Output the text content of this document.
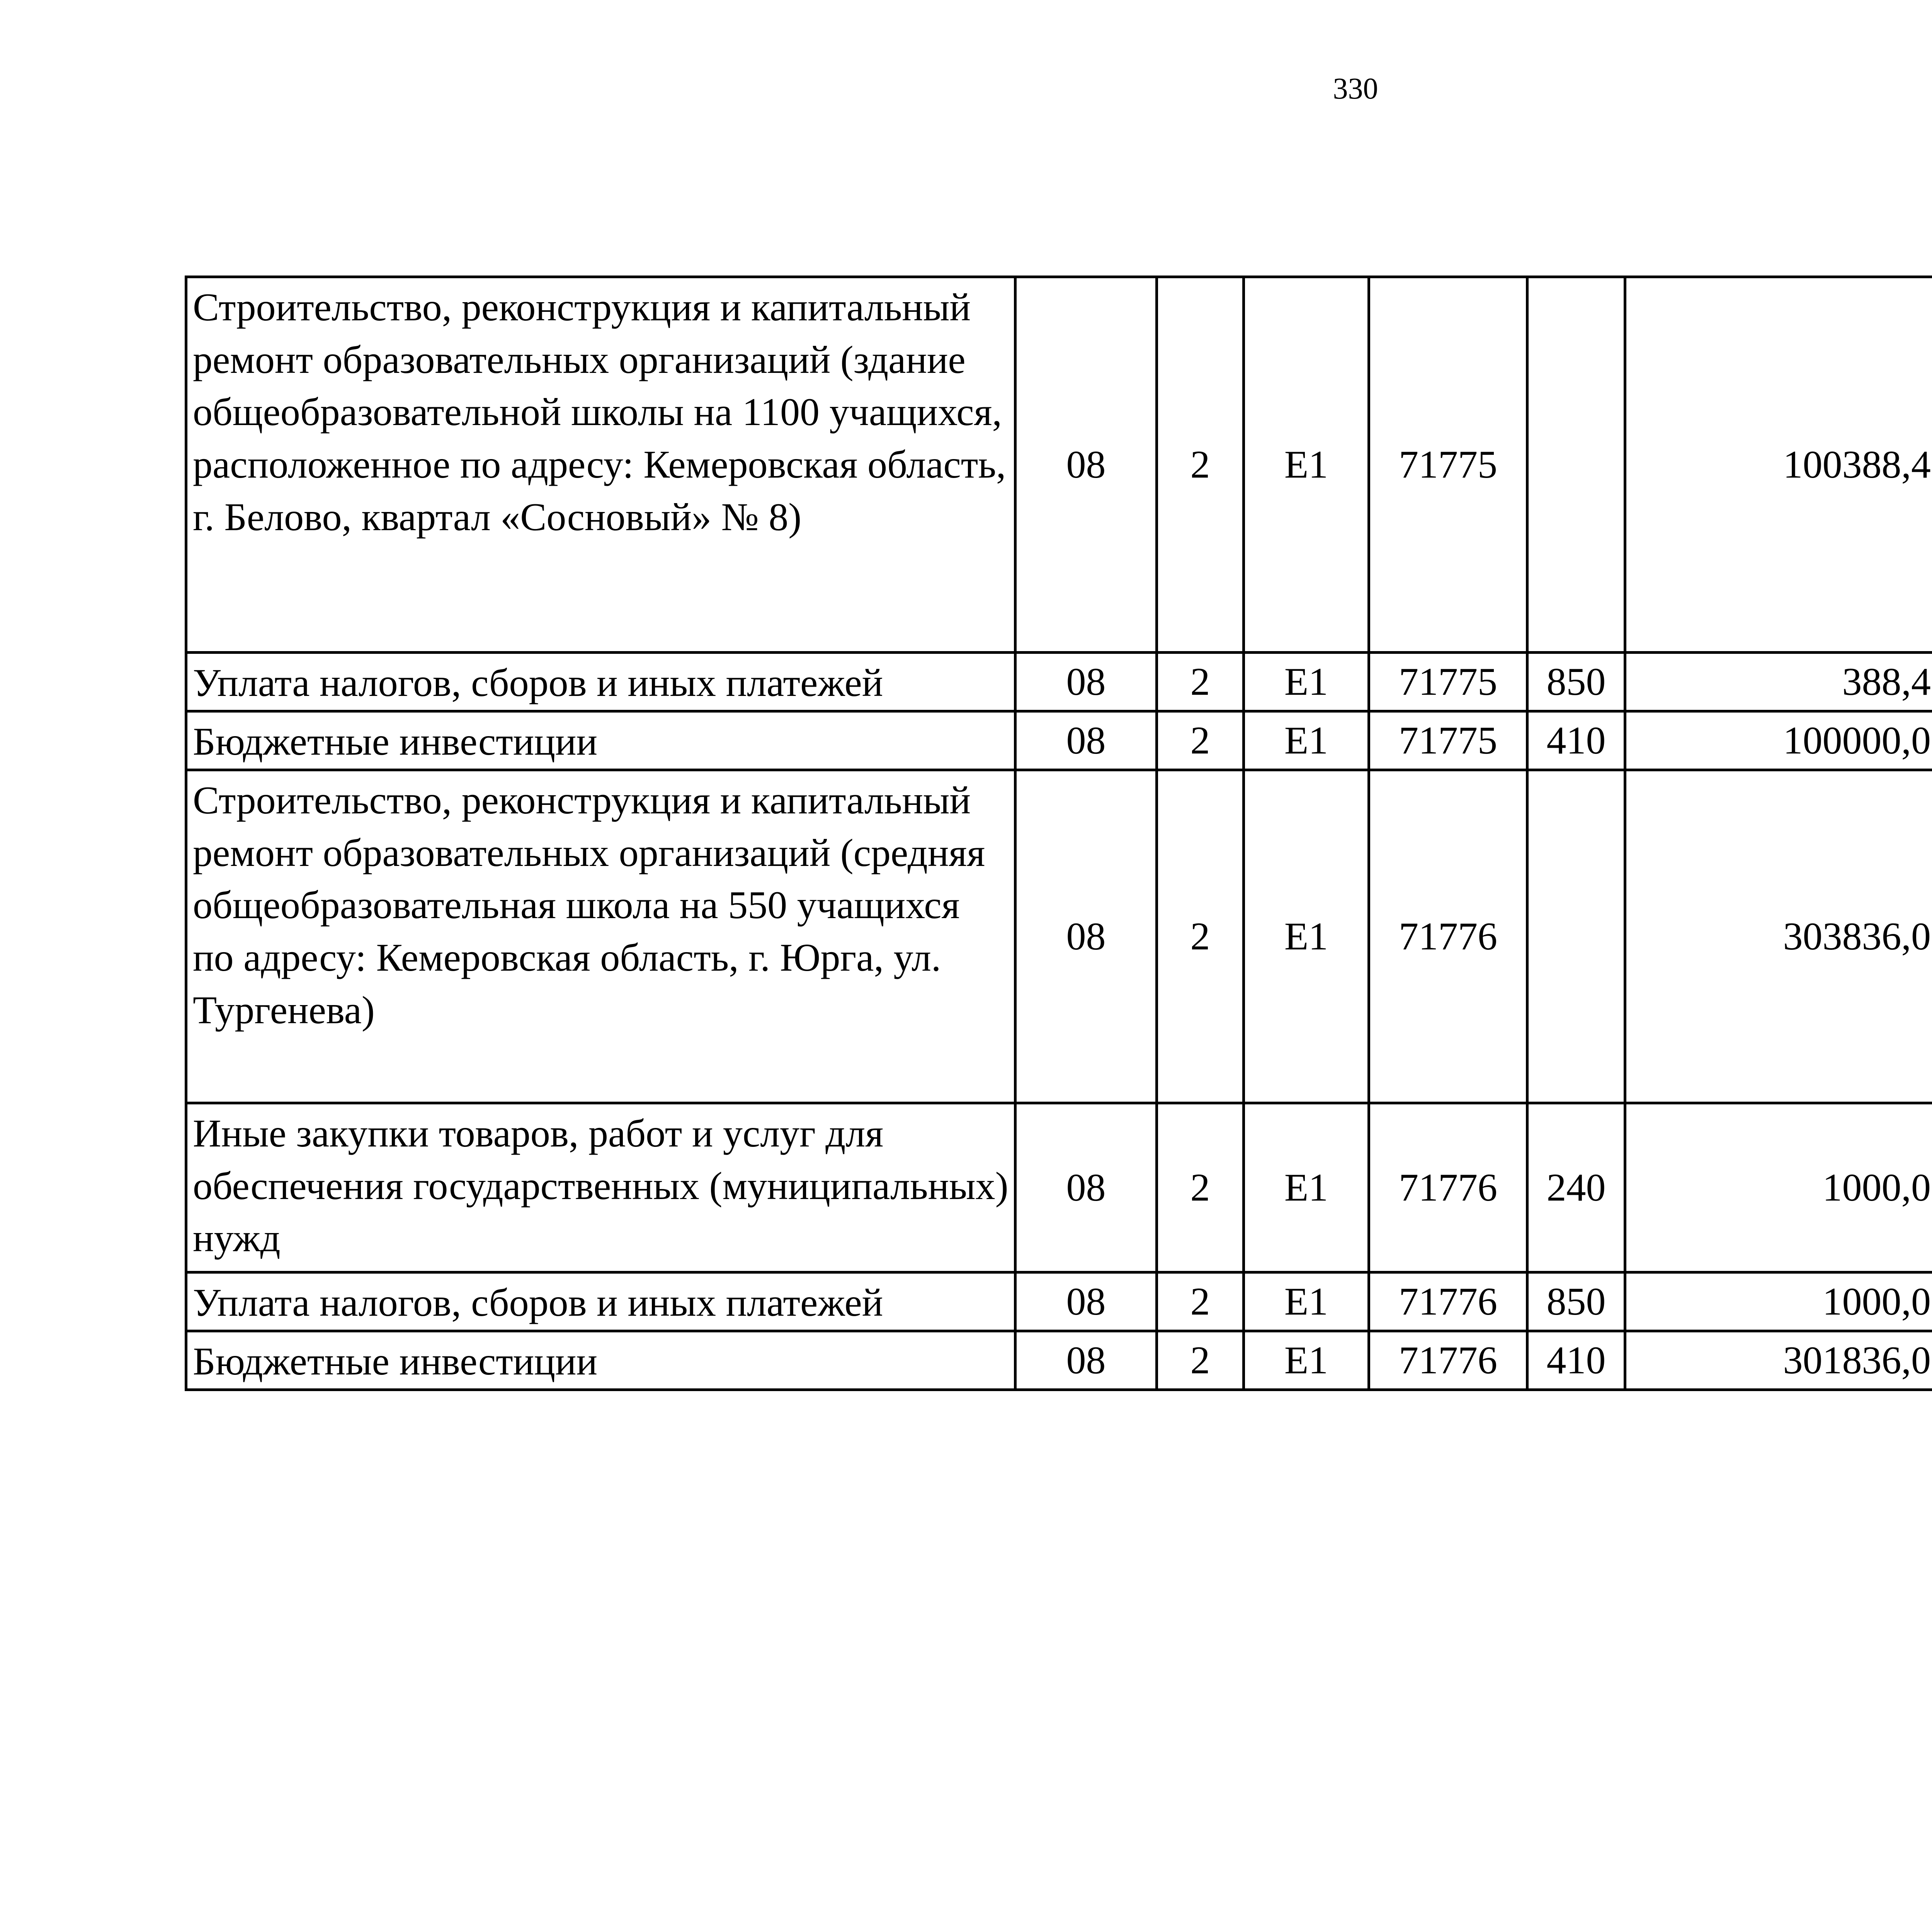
330
Строительство, реконструкция и капитальный ремонт образовательных организаций (здание общеобразовательной школы на 1100 учащихся, расположенное по адресу: Кемеровская область, г. Белово, квартал «Сосновый» № 8)	08	2	Е1	71775		100388,4		
Уплата налогов, сборов и иных платежей	08	2	Е1	71775	850	388,4		
Бюджетные инвестиции	08	2	Е1	71775	410	100000,0		
Строительство, реконструкция и капитальный ремонт образовательных организаций (средняя общеобразовательная школа на 550 учащихся по адресу: Кемеровская область, г. Юрга, ул. Тургенева)	08	2	Е1	71776		303836,0		
Иные закупки товаров, работ и услуг для обеспечения государственных (муниципальных) нужд	08	2	Е1	71776	240	1000,0		
Уплата налогов, сборов и иных платежей	08	2	Е1	71776	850	1000,0		
Бюджетные инвестиции	08	2	Е1	71776	410	301836,0		
